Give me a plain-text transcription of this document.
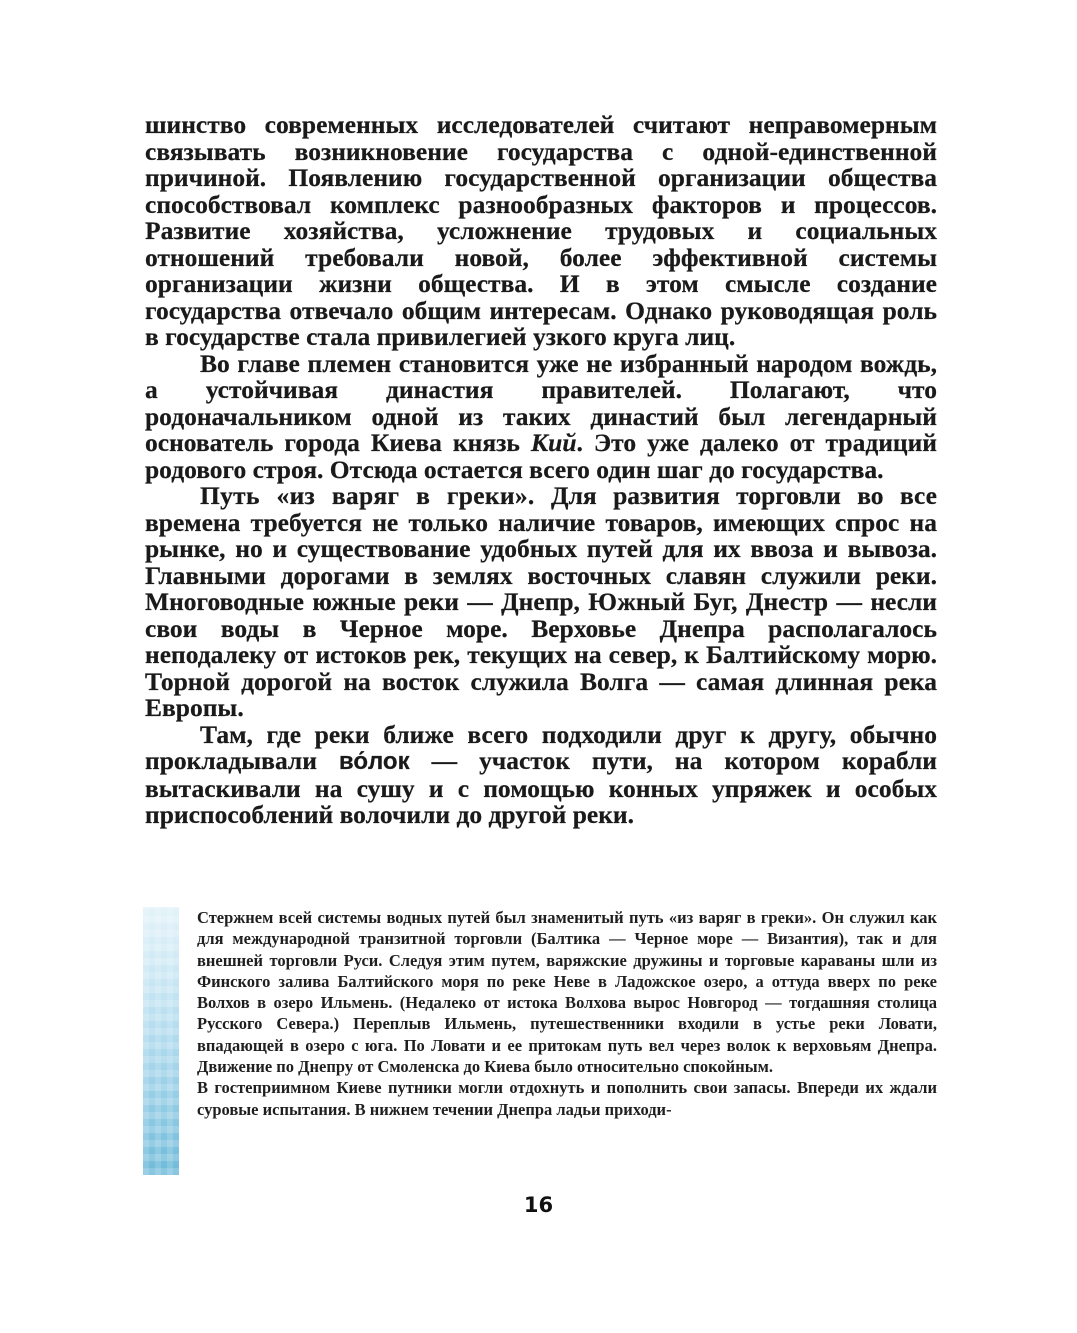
шинство современных исследователей считают неправомерным связывать возникновение государства с одной-единственной причиной. Появлению государственной организации общества способствовал комплекс разнообразных факторов и процессов. Развитие хозяйства, усложнение трудовых и социальных отношений требовали новой, более эффективной системы организации жизни общества. И в этом смысле создание государства отвечало общим интересам. Однако руководящая роль в государстве стала привилегией узкого круга лиц.

Во главе племен становится уже не избранный народом вождь, а устойчивая династия правителей. Полагают, что родоначальником одной из таких династий был легендарный основатель города Киева князь Кий. Это уже далеко от традиций родового строя. Отсюда остается всего один шаг до государства.

Путь «из варяг в греки». Для развития торговли во все времена требуется не только наличие товаров, имеющих спрос на рынке, но и существование удобных путей для их ввоза и вывоза. Главными дорогами в землях восточных славян служили реки. Многоводные южные реки — Днепр, Южный Буг, Днестр — несли свои воды в Черное море. Верховье Днепра располагалось неподалеку от истоков рек, текущих на север, к Балтийскому морю. Торной дорогой на восток служила Волга — самая длинная река Европы.

Там, где реки ближе всего подходили друг к другу, обычно прокладывали во́лок — участок пути, на котором корабли вытаскивали на сушу и с помощью конных упряжек и особых приспособлений волочили до другой реки.

Стержнем всей системы водных путей был знаменитый путь «из варяг в греки». Он служил как для международной транзитной торговли (Балтика — Черное море — Византия), так и для внешней торговли Руси. Следуя этим путем, варяжские дружины и торговые караваны шли из Финского залива Балтийского моря по реке Неве в Ладожское озеро, а оттуда вверх по реке Волхов в озеро Ильмень. (Недалеко от истока Волхова вырос Новгород — тогдашняя столица Русского Севера.) Переплыв Ильмень, путешественники входили в устье реки Ловати, впадающей в озеро с юга. По Ловати и ее притокам путь вел через волок к верховьям Днепра. Движение по Днепру от Смоленска до Киева было относительно спокойным.

В гостеприимном Киеве путники могли отдохнуть и пополнить свои запасы. Впереди их ждали суровые испытания. В нижнем течении Днепра ладьи приходи-

16
